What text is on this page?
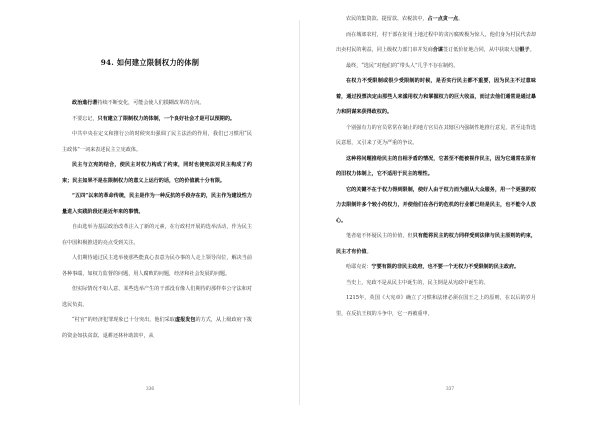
94. 如何建立限制权力的体制

政治進行著持续不断变化，可能会使人们摸糊改革的方向。

不要忘记，只有建立了限制权力的体制，一个良好社会才是可以预期的。

中共中央在定义和推行公的时候突出强调了民主法治的作用，我们已习惯用“民主政体”一词来表述民主立宪政体。

民主与立宪的结合，使民主对权力构成了约束，同时也使宪法对民主构成了约束；民主如果不是在限制权力的意义上运行的话，它的价值就十分有限。

“五四”以来的革命传统，民主是作为一种反抗的手段存在的，民主作为建设性力量进入实践阶段还是近年来的事情。

自由选举为基层政治改革注入了新的元素，在行政村开展的选举活动，作为民主在中国积极推进的亮点受到关注。

人们期待通过民主选举使那些能真心表意为民办事的人走上领导岗位，解决当前各种事端，如权力监督的问题，用人腐败的问题，经济和社会发展的问题。

但实际情况不如人意，某些选举产生的干部没有像人们期待的那样奉公守法和对选民负责。

“村官”的经济犯罪现象已十分突出，他们采取虚报发包的方式，从上级政府下拨的资金如扶贫款、退耕还林补助款中，从

336

农民的集资款、提留款、农税款中，占一点贪一点。

而在城郊农村，村干部在征用土地过程中的贪污腐败极为惊人，他们身为村民代表却出卖村民的利益，同上级权力部门串并发商合谋签订低价征地合同，从中获取大量银子。

最终，“选民”对他们的“带头人”几乎不存在制约。

在权力不受限制或很少受限制的时候，是否实行民主都不重要，因为民主不过意味着，通过投票决定由那些人来滥用权力和掌握权力的巨大收益，而过去他们通常是通过暴力和阴谋来获得政权的。

个别强有力的官员常常在制止的地方官员在其辖区内强制性地推行意见，甚至违背选民意愿，又引来了更为严重的争议。

这种将问题推给民主的自相矛盾的情况，它甚至不能被视作民主，因为它通常在原有的旧权力体制上，它不适用于民主的理性。

它的关键不在于权力得到限制，使好人由于权力而为服从大众服务，用一个更强的权力去限制许多个较小的权力，并使他们在各行的危机的行业都已经是民主，也不能令人放心。

笔者毫不怀疑民主的价值，但只有能将民主的权力同样受到法律与民主原则的约束，民主才有价值。

哈耶克说：宁要有限的非民主政府，也不要一个无权力不受限制的民主政府。

当史上，宪政不是从民主中诞生的，民主倒是从宪政中诞生的。

1215年，英国《大宪章》确立了习惯和法律必须在国王之上的原则，在以后的岁月里，在反抗王权的斗争中，它一再被重申，

337
